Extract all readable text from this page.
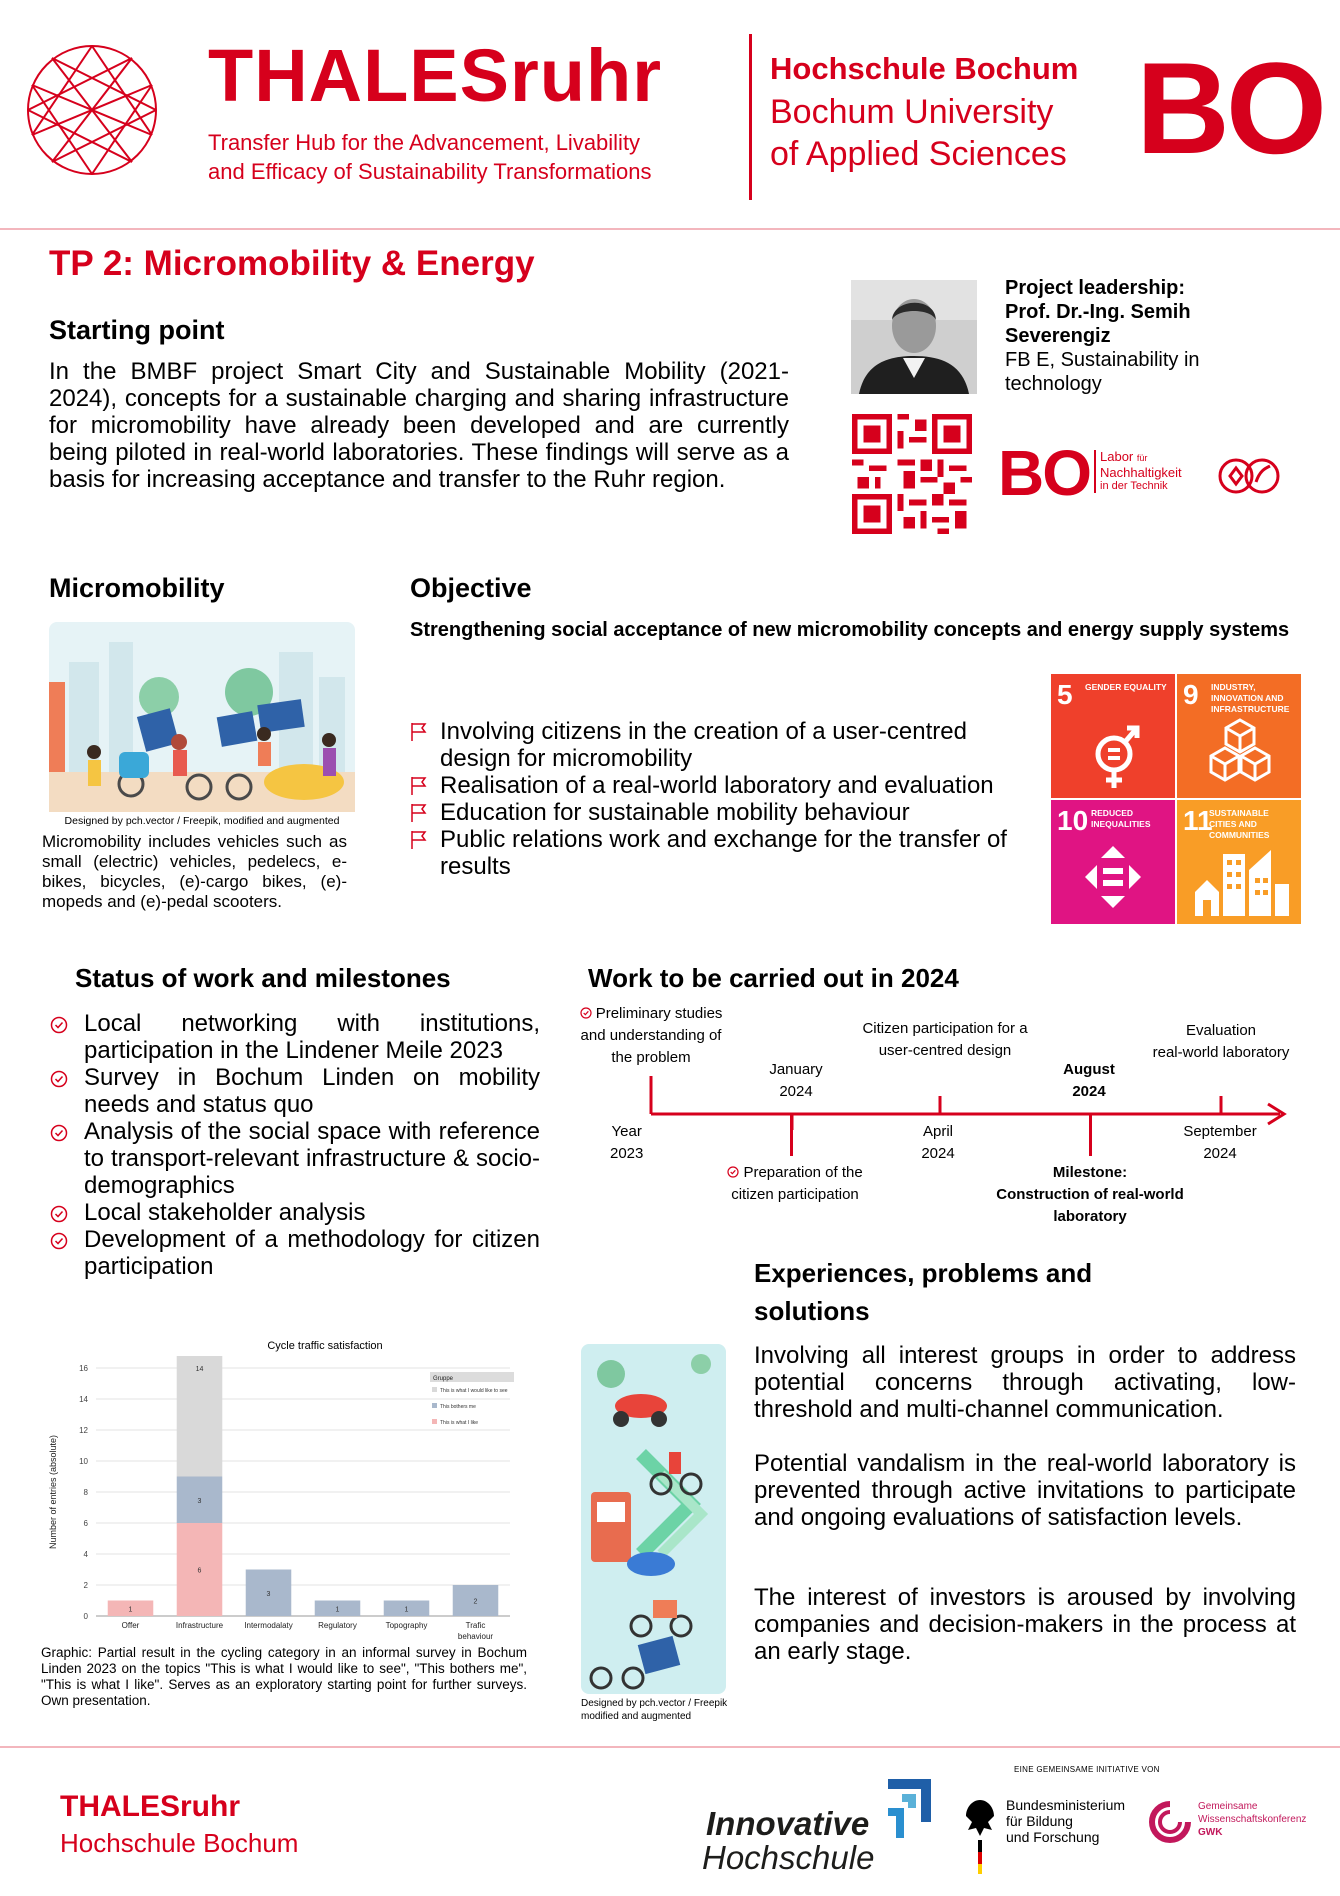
THALESruhr
Transfer Hub for the Advancement, Livability
and Efficacy of Sustainability Transformations
Hochschule Bochum
Bochum University
of Applied Sciences BO
TP 2: Micromobility & Energy
Starting point

In the BMBF project Smart City and Sustainable Mobility (2021-2024), concepts for a sustainable charging and sharing infrastructure for micromobility have already been developed and are currently being piloted in real-world laboratories. These findings will serve as a basis for increasing acceptance and transfer to the Ruhr region.

Project leadership:
Prof. Dr.-Ing. Semih
Severengiz
FB E, Sustainability in
technology
BO Labor für
Nachhaltigkeit
in der Technik
Micromobility
Designed by pch.vector / Freepik, modified and augmented

Micromobility includes vehicles such as small (electric) vehicles, pedelecs, e-bikes, bicycles, (e)-cargo bikes, (e)-mopeds and (e)-pedal scooters.

Objective

Strengthening social acceptance of new micromobility concepts and energy supply systems

Involving citizens in the creation of a user-centred design for micromobility
Realisation of a real-world laboratory and evaluation
Education for sustainable mobility behaviour
Public relations work and exchange for the transfer of results
5 GENDER EQUALITY 9 INDUSTRY, INNOVATION AND INFRASTRUCTURE
10 REDUCED INEQUALITIES	11
SUSTAINABLE CITIES AND COMMUNITIES
Status of work and milestones
Local networking with institutions, participation in the Lindener Meile 2023
Survey in Bochum Linden on mobility needs and status quo
Analysis of the social space with reference to transport-relevant infrastructure & socio-demographics
Local stakeholder analysis
Development of a methodology for citizen participation
Work to be carried out in 2024
Preliminary studies
and understanding of
the problem
January
2024
Citizen participation for a
user-centred design
August
2024
Evaluation
real-world laboratory
Year
2023
Preparation of the
citizen participation
April
2024
Milestone:
Construction of real-world
laboratory
September
2024
Cycle traffic satisfaction
0
2
4
6
8
10
12
14
16
Number of entries (absolute)
1
Offer
6
3
14
Infrastructure
3
Intermodalaty
1
Regulatory
1
Topography
2
Trafic
behaviour
Gruppe
This is what I would like to see
This bothers me
This is what I like

Graphic: Partial result in the cycling category in an informal survey in Bochum Linden 2023 on the topics "This is what I would like to see", "This bothers me", "This is what I like". Serves as an exploratory starting point for further surveys. Own presentation.	Designed by pch.vector / Freepik
modified and augmented
Experiences, problems and
solutions

Involving all interest groups in order to address potential concerns through activating, low-threshold and multi-channel communication.

Potential vandalism in the real-world laboratory is prevented through active invitations to participate and ongoing evaluations of satisfaction levels.

The interest of investors is aroused by involving companies and decision-makers in the process at an early stage.

THALESruhr
Hochschule Bochum
Innovative
Hochschule
EINE GEMEINSAME INITIATIVE VON
Bundesministerium
für Bildung
und Forschung
Gemeinsame
Wissenschaftskonferenz
GWK
